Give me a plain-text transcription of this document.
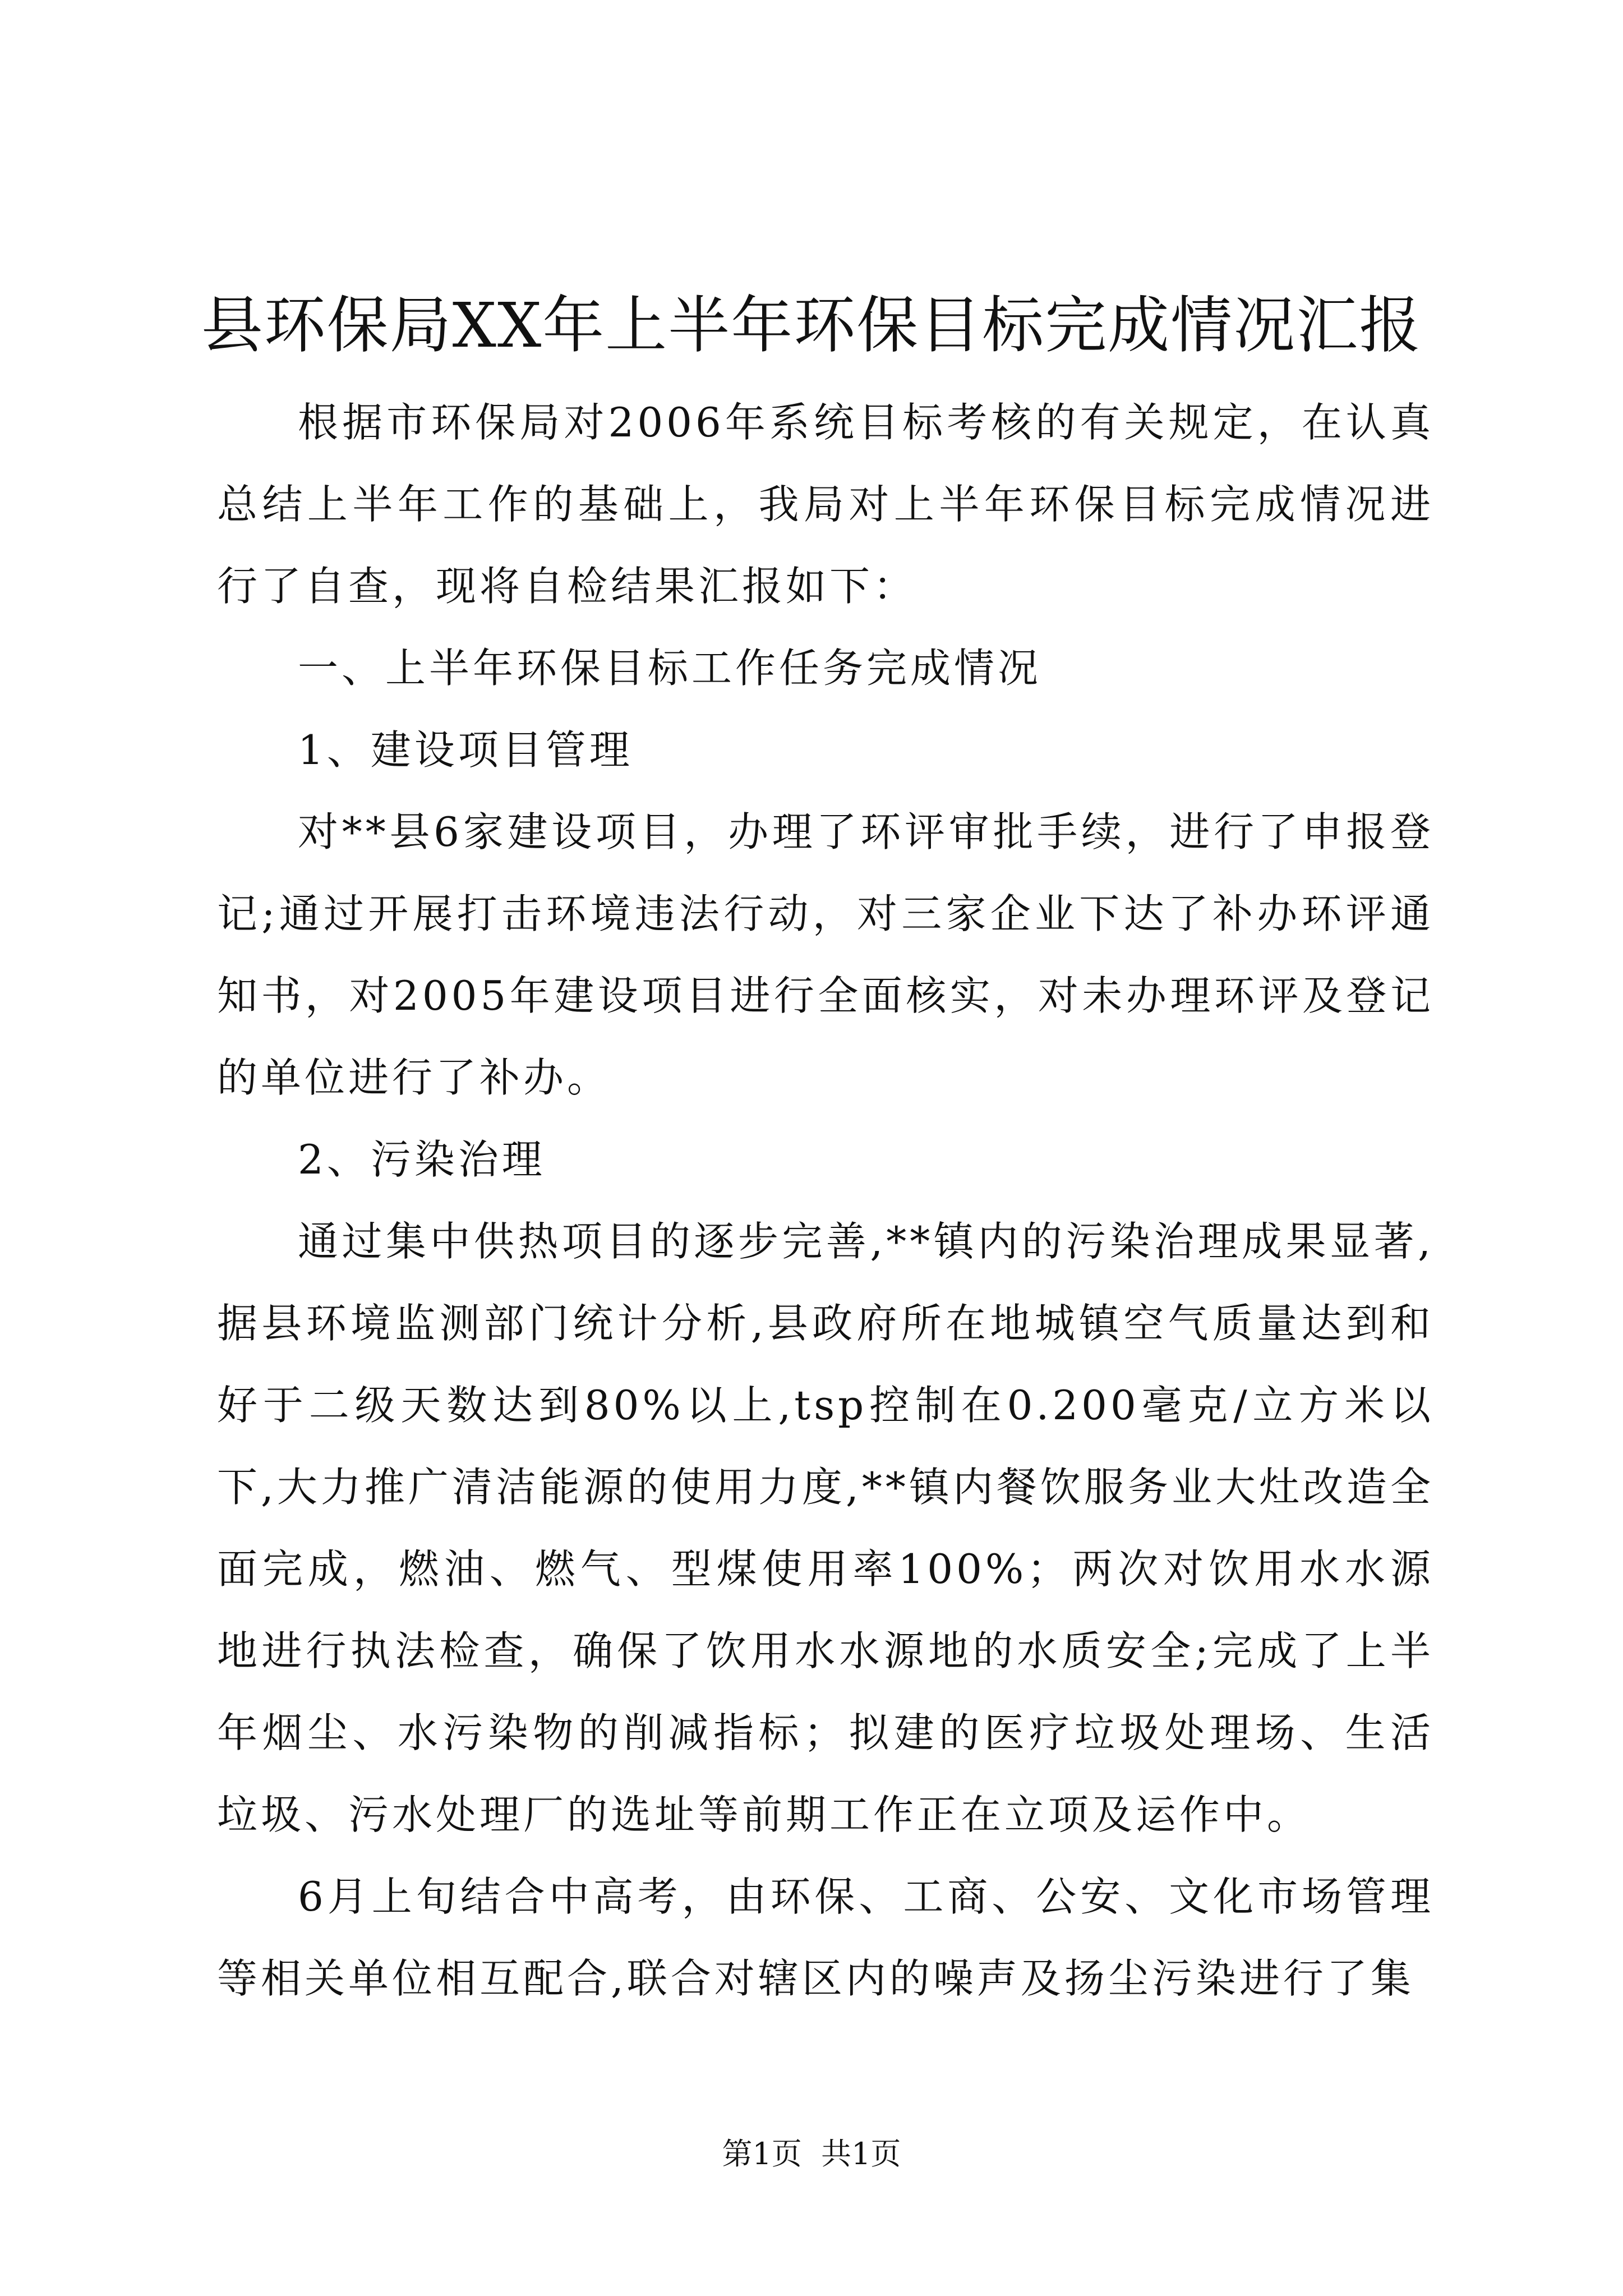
县环保局XX年上半年环保目标完成情况汇报

根据市环保局对2006年系统目标考核的有关规定，在认真总结上半年工作的基础上，我局对上半年环保目标完成情况进行了自查，现将自检结果汇报如下：

一、上半年环保目标工作任务完成情况

1、建设项目管理

对**县6家建设项目，办理了环评审批手续，进行了申报登记;通过开展打击环境违法行动，对三家企业下达了补办环评通知书，对2005年建设项目进行全面核实，对未办理环评及登记的单位进行了补办。

2、污染治理

通过集中供热项目的逐步完善,**镇内的污染治理成果显著,据县环境监测部门统计分析,县政府所在地城镇空气质量达到和好于二级天数达到80%以上,tsp控制在0.200毫克/立方米以下,大力推广清洁能源的使用力度,**镇内餐饮服务业大灶改造全面完成，燃油、燃气、型煤使用率100%；两次对饮用水水源地进行执法检查，确保了饮用水水源地的水质安全;完成了上半年烟尘、水污染物的削减指标；拟建的医疗垃圾处理场、生活垃圾、污水处理厂的选址等前期工作正在立项及运作中。

6月上旬结合中高考，由环保、工商、公安、文化市场管理等相关单位相互配合,联合对辖区内的噪声及扬尘污染进行了集

第1页  共1页
